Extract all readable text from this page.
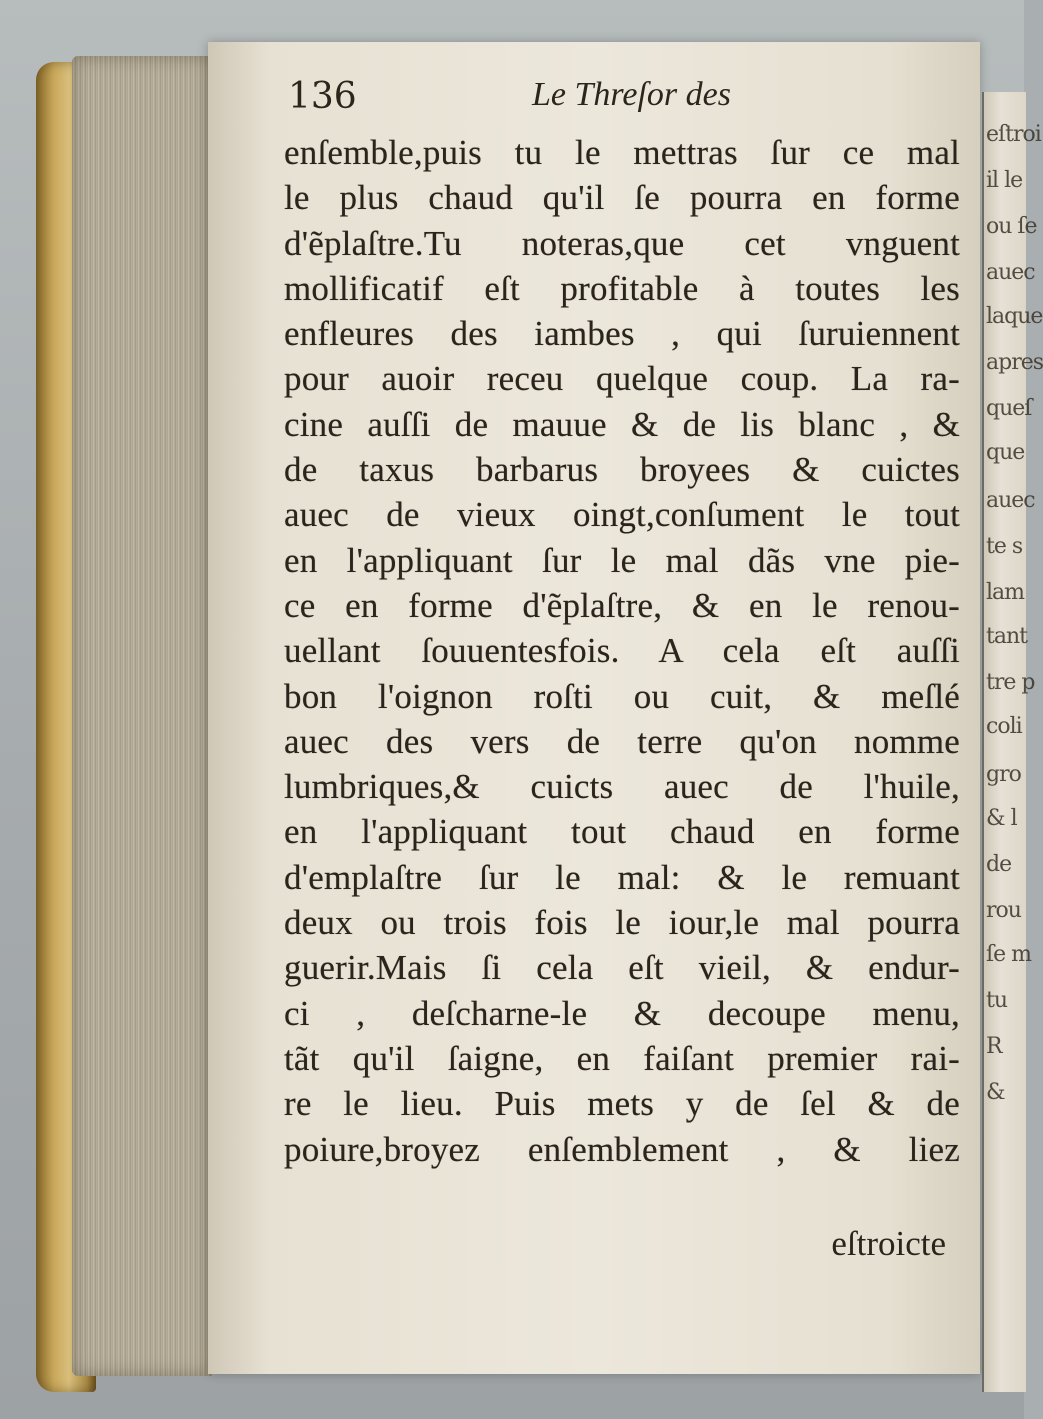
eſtroi
il le
ou ſe
auec
laque
apres
queſ
que
auec
te s
lam
tant
tre p
coli
gro
& l
de
rou
ſe m
tu
R
&
136	Le Threſor des
enſemble,puis tu le mettras ſur ce mal
le plus chaud qu'il ſe pourra en forme
d'ẽplaſtre.Tu noteras,que cet vnguent
mollificatif eſt profitable à toutes les
enfleures des iambes , qui ſuruiennent
pour auoir receu quelque coup. La ra-
cine auſſi de mauue & de lis blanc , &
de taxus barbarus broyees & cuictes
auec de vieux oingt,conſument le tout
en l'appliquant ſur le mal dãs vne pie-
ce en forme d'ẽplaſtre, & en le renou-
uellant ſouuentesfois. A cela eſt auſſi
bon l'oignon roſti ou cuit, & meſlé
auec des vers de terre qu'on nomme
lumbriques,& cuicts auec de l'huile,
en l'appliquant tout chaud en forme
d'emplaſtre ſur le mal: & le remuant
deux ou trois fois le iour,le mal pourra
guerir.Mais ſi cela eſt vieil, & endur-
ci , deſcharne-le & decoupe menu,
tãt qu'il ſaigne, en faiſant premier rai-
re le lieu. Puis mets y de ſel & de
poiure,broyez enſemblement , & liez
eſtroicte
